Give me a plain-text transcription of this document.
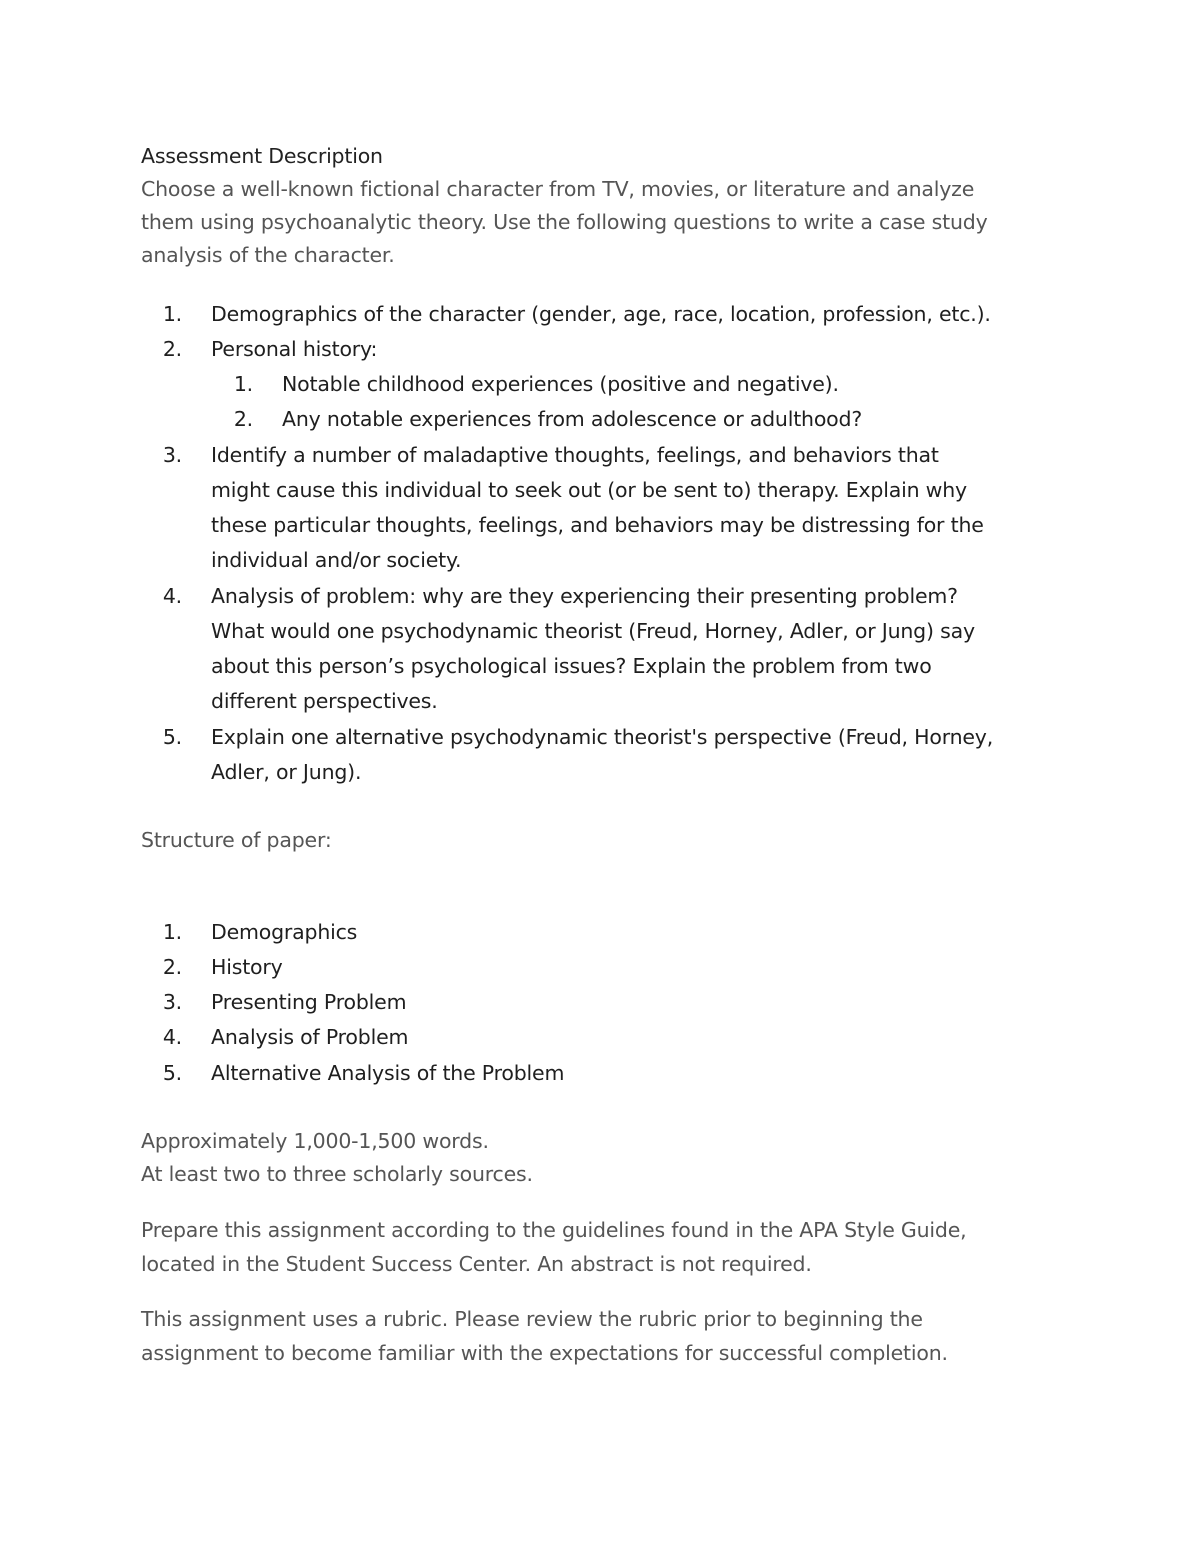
Assessment Description
Choose a well-known fictional character from TV, movies, or literature and analyze
them using psychoanalytic theory. Use the following questions to write a case study
analysis of the character.
1. Demographics of the character (gender, age, race, location, profession, etc.).
2. Personal history:
1. Notable childhood experiences (positive and negative).
2. Any notable experiences from adolescence or adulthood?
3. Identify a number of maladaptive thoughts, feelings, and behaviors that
might cause this individual to seek out (or be sent to) therapy. Explain why
these particular thoughts, feelings, and behaviors may be distressing for the
individual and/or society.
4. Analysis of problem: why are they experiencing their presenting problem?
What would one psychodynamic theorist (Freud, Horney, Adler, or Jung) say
about this person’s psychological issues? Explain the problem from two
different perspectives.
5. Explain one alternative psychodynamic theorist's perspective (Freud, Horney,
Adler, or Jung).
Structure of paper:
1. Demographics
2. History
3. Presenting Problem
4. Analysis of Problem
5. Alternative Analysis of the Problem
Approximately 1,000-1,500 words.
At least two to three scholarly sources.
Prepare this assignment according to the guidelines found in the APA Style Guide,
located in the Student Success Center. An abstract is not required.
This assignment uses a rubric. Please review the rubric prior to beginning the
assignment to become familiar with the expectations for successful completion.
